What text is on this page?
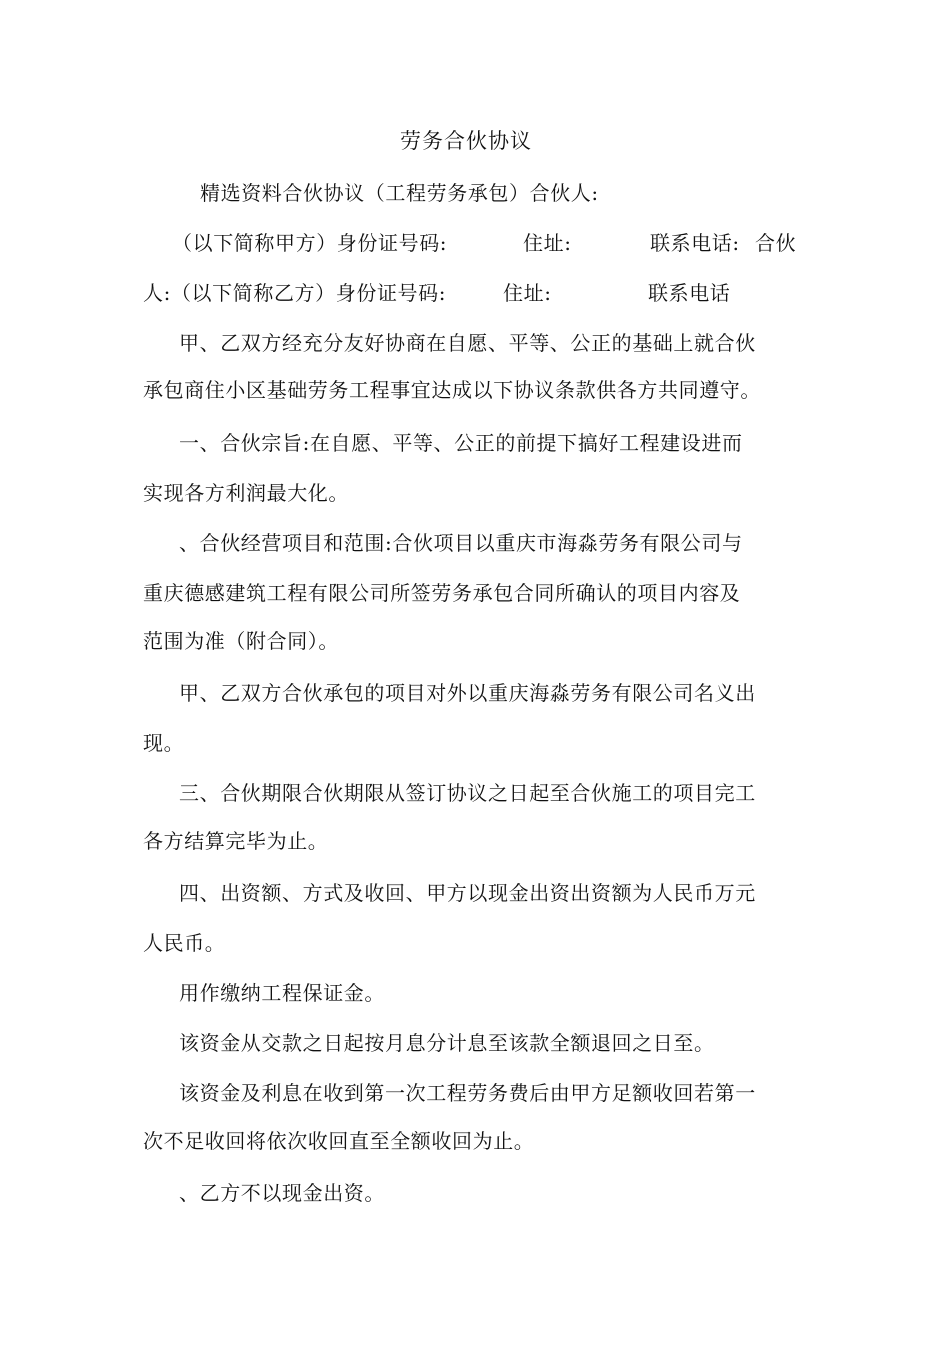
劳务合伙协议
精选资料合伙协议（工程劳务承包）合伙人:
（以下简称甲方）身份证号码:	住址:	联系电话: 合伙
人:（以下简称乙方）身份证号码:	住址:	联系电话
甲、乙双方经充分友好协商在自愿、平等、公正的基础上就合伙
承包商住小区基础劳务工程事宜达成以下协议条款供各方共同遵守。
一、合伙宗旨:在自愿、平等、公正的前提下搞好工程建设进而
实现各方利润最大化。
、合伙经营项目和范围:合伙项目以重庆市海淼劳务有限公司与
重庆德感建筑工程有限公司所签劳务承包合同所确认的项目内容及
范围为准（附合同）。
甲、乙双方合伙承包的项目对外以重庆海淼劳务有限公司名义出
现。
三、合伙期限合伙期限从签订协议之日起至合伙施工的项目完工
各方结算完毕为止。
四、出资额、方式及收回、甲方以现金出资出资额为人民币万元
人民币。
用作缴纳工程保证金。
该资金从交款之日起按月息分计息至该款全额退回之日至。
该资金及利息在收到第一次工程劳务费后由甲方足额收回若第一
次不足收回将依次收回直至全额收回为止。
、乙方不以现金出资。
